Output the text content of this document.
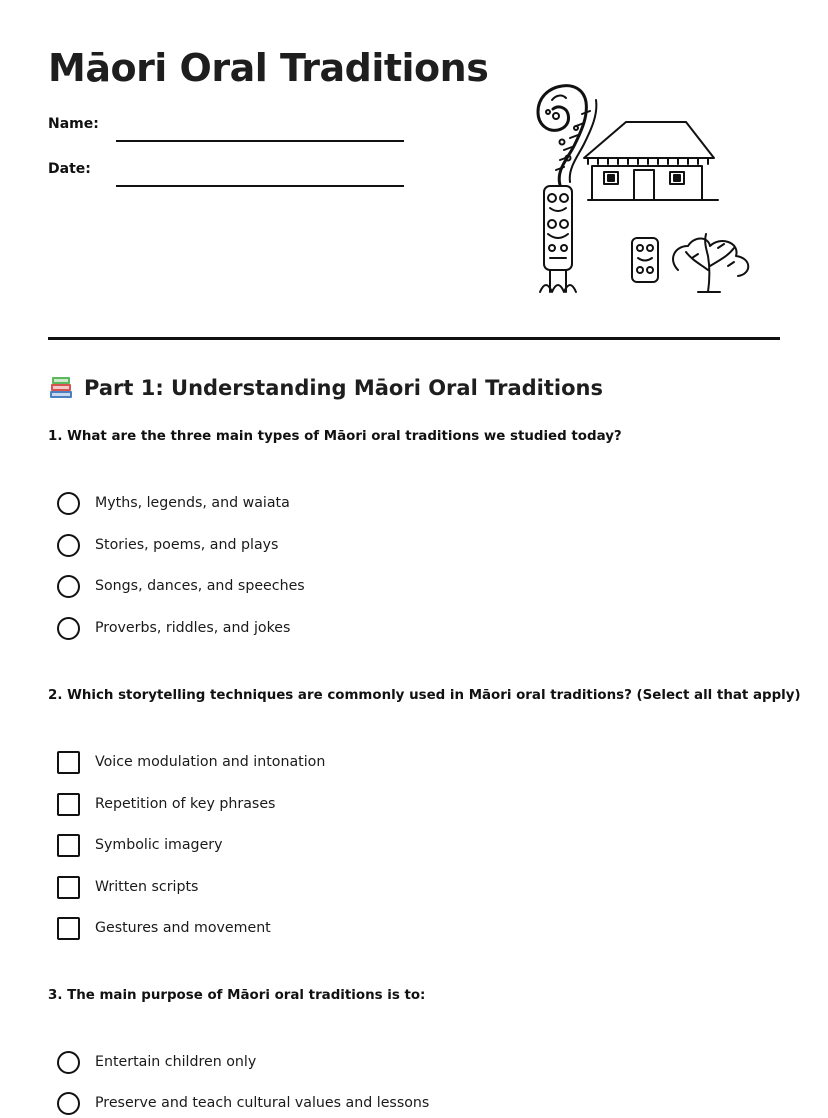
Māori Oral Traditions
Name:
Date:
Part 1: Understanding Māori Oral Traditions

1. What are the three main types of Māori oral traditions we studied today?

Myths, legends, and waiata
Stories, poems, and plays
Songs, dances, and speeches
Proverbs, riddles, and jokes

2. Which storytelling techniques are commonly used in Māori oral traditions? (Select all that apply)

Voice modulation and intonation
Repetition of key phrases
Symbolic imagery
Written scripts
Gestures and movement

3. The main purpose of Māori oral traditions is to:

Entertain children only
Preserve and teach cultural values and lessons
